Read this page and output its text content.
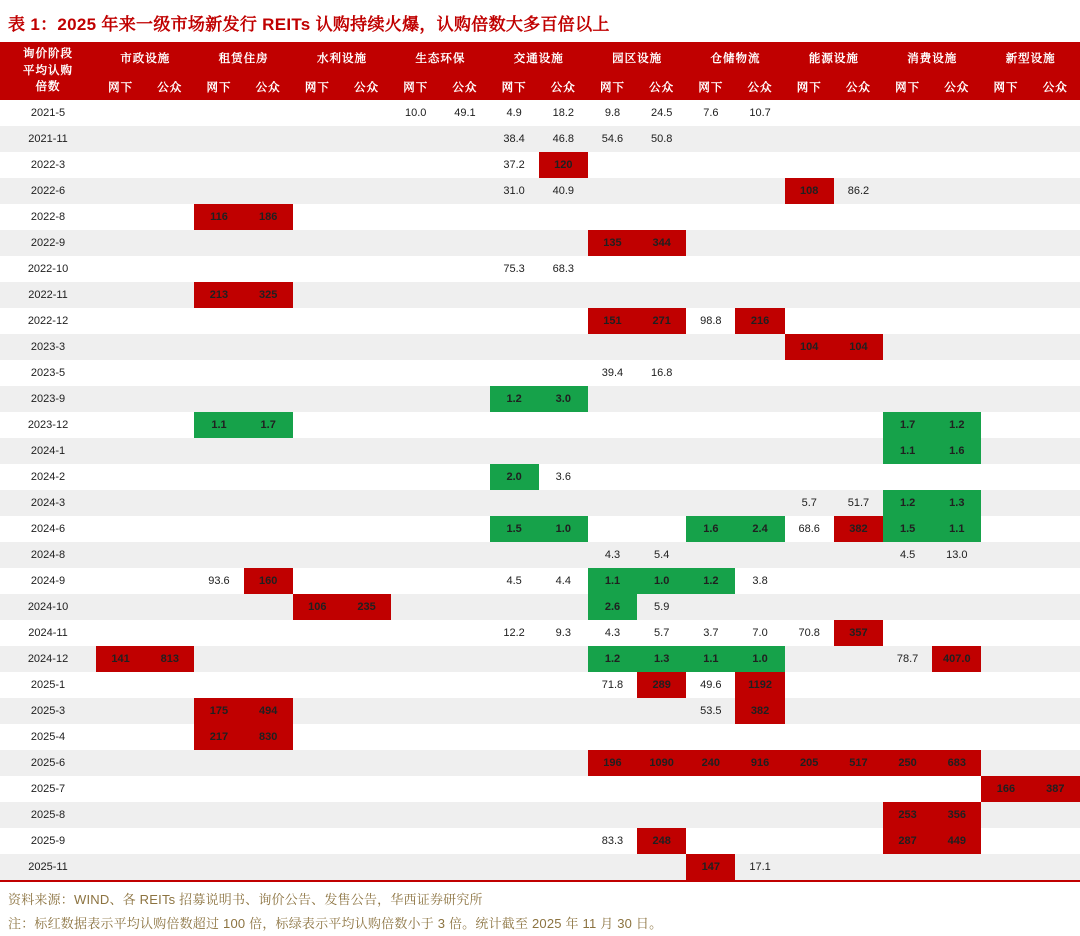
表 1：2025 年来一级市场新发行 REITs 认购持续火爆，认购倍数大多百倍以上
询价阶段
平均认购
倍数	市政设施		租赁住房		水利设施		生态环保		交通设施		园区设施		仓储物流		能源设施		消费设施		新型设施	
	网下	公众	网下	公众	网下	公众	网下	公众	网下	公众	网下	公众	网下	公众	网下	公众	网下	公众	网下	公众
2021-5							10.0	49.1	4.9	18.2	9.8	24.5	7.6	10.7						
2021-11									38.4	46.8	54.6	50.8								
2022-3									37.2	120										
2022-6									31.0	40.9					108	86.2				
2022-8			116	186																
2022-9											135	344								
2022-10									75.3	68.3										
2022-11			213	325																
2022-12											151	271	98.8	216						
2023-3															104	104				
2023-5											39.4	16.8								
2023-9									1.2	3.0										
2023-12			1.1	1.7													1.7	1.2		
2024-1																	1.1	1.6		
2024-2									2.0	3.6										
2024-3															5.7	51.7	1.2	1.3		
2024-6									1.5	1.0			1.6	2.4	68.6	382	1.5	1.1		
2024-8											4.3	5.4					4.5	13.0		
2024-9			93.6	160					4.5	4.4	1.1	1.0	1.2	3.8						
2024-10					106	235					2.6	5.9								
2024-11									12.2	9.3	4.3	5.7	3.7	7.0	70.8	357				
2024-12	141	813									1.2	1.3	1.1	1.0			78.7	407.0		
2025-1											71.8	289	49.6	1192						
2025-3			175	494									53.5	382						
2025-4			217	830																
2025-6											196	1090	240	916	205	517	250	683		
2025-7																			166	387
2025-8																	253	356		
2025-9											83.3	248					287	449		
2025-11													147	17.1						
资料来源：WIND、各 REITs 招募说明书、询价公告、发售公告，华西证券研究所
注：标红数据表示平均认购倍数超过 100 倍，标绿表示平均认购倍数小于 3 倍。统计截至 2025 年 11 月 30 日。
